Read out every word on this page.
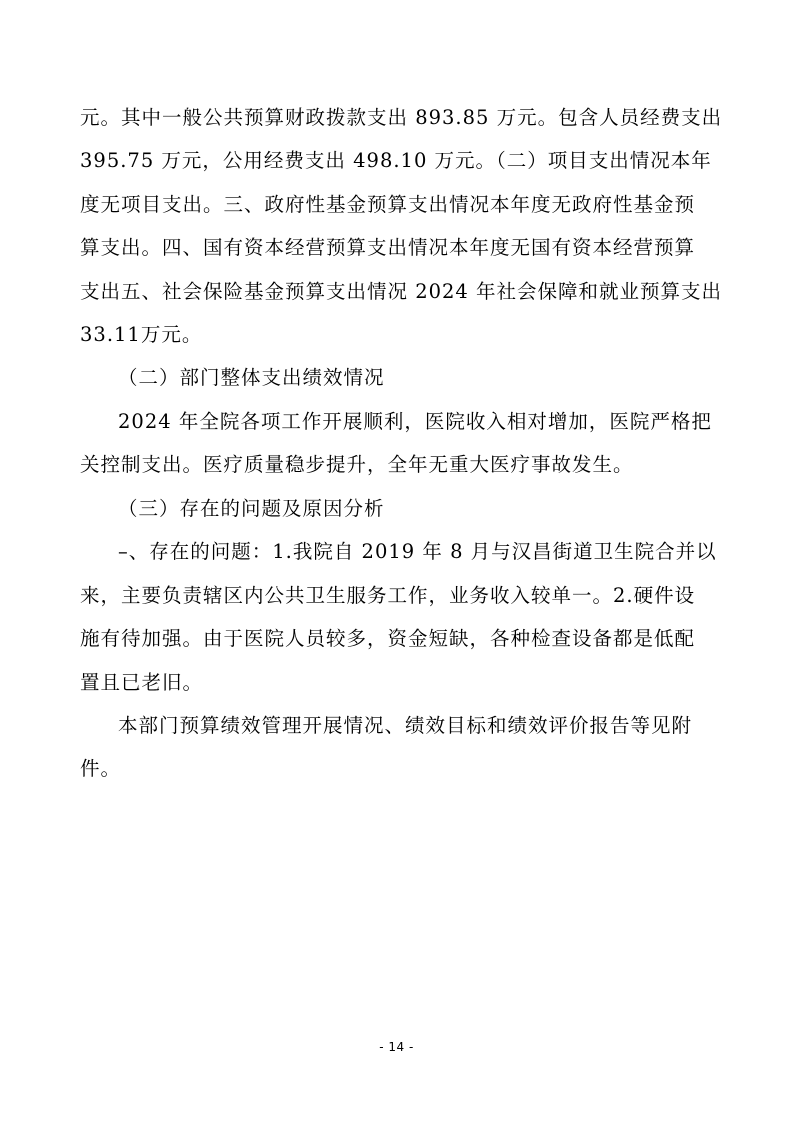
元。其中一般公共预算财政拨款支出 893.85 万元。包含人员经费支出
395.75 万元，公用经费支出 498.10 万元。（二）项目支出情况本年
度无项目支出。三、政府性基金预算支出情况本年度无政府性基金预
算支出。四、国有资本经营预算支出情况本年度无国有资本经营预算
支出五、社会保险基金预算支出情况 2024 年社会保障和就业预算支出
33.11万元。
（二）部门整体支出绩效情况
2024 年全院各项工作开展顺利，医院收入相对增加，医院严格把
关控制支出。医疗质量稳步提升，全年无重大医疗事故发生。
（三）存在的问题及原因分析
–、存在的问题：1.我院自 2019 年 8 月与汉昌街道卫生院合并以
来，主要负责辖区内公共卫生服务工作，业务收入较单一。2.硬件设
施有待加强。由于医院人员较多，资金短缺，各种检查设备都是低配
置且已老旧。
本部门预算绩效管理开展情况、绩效目标和绩效评价报告等见附
件。
- 14 -
